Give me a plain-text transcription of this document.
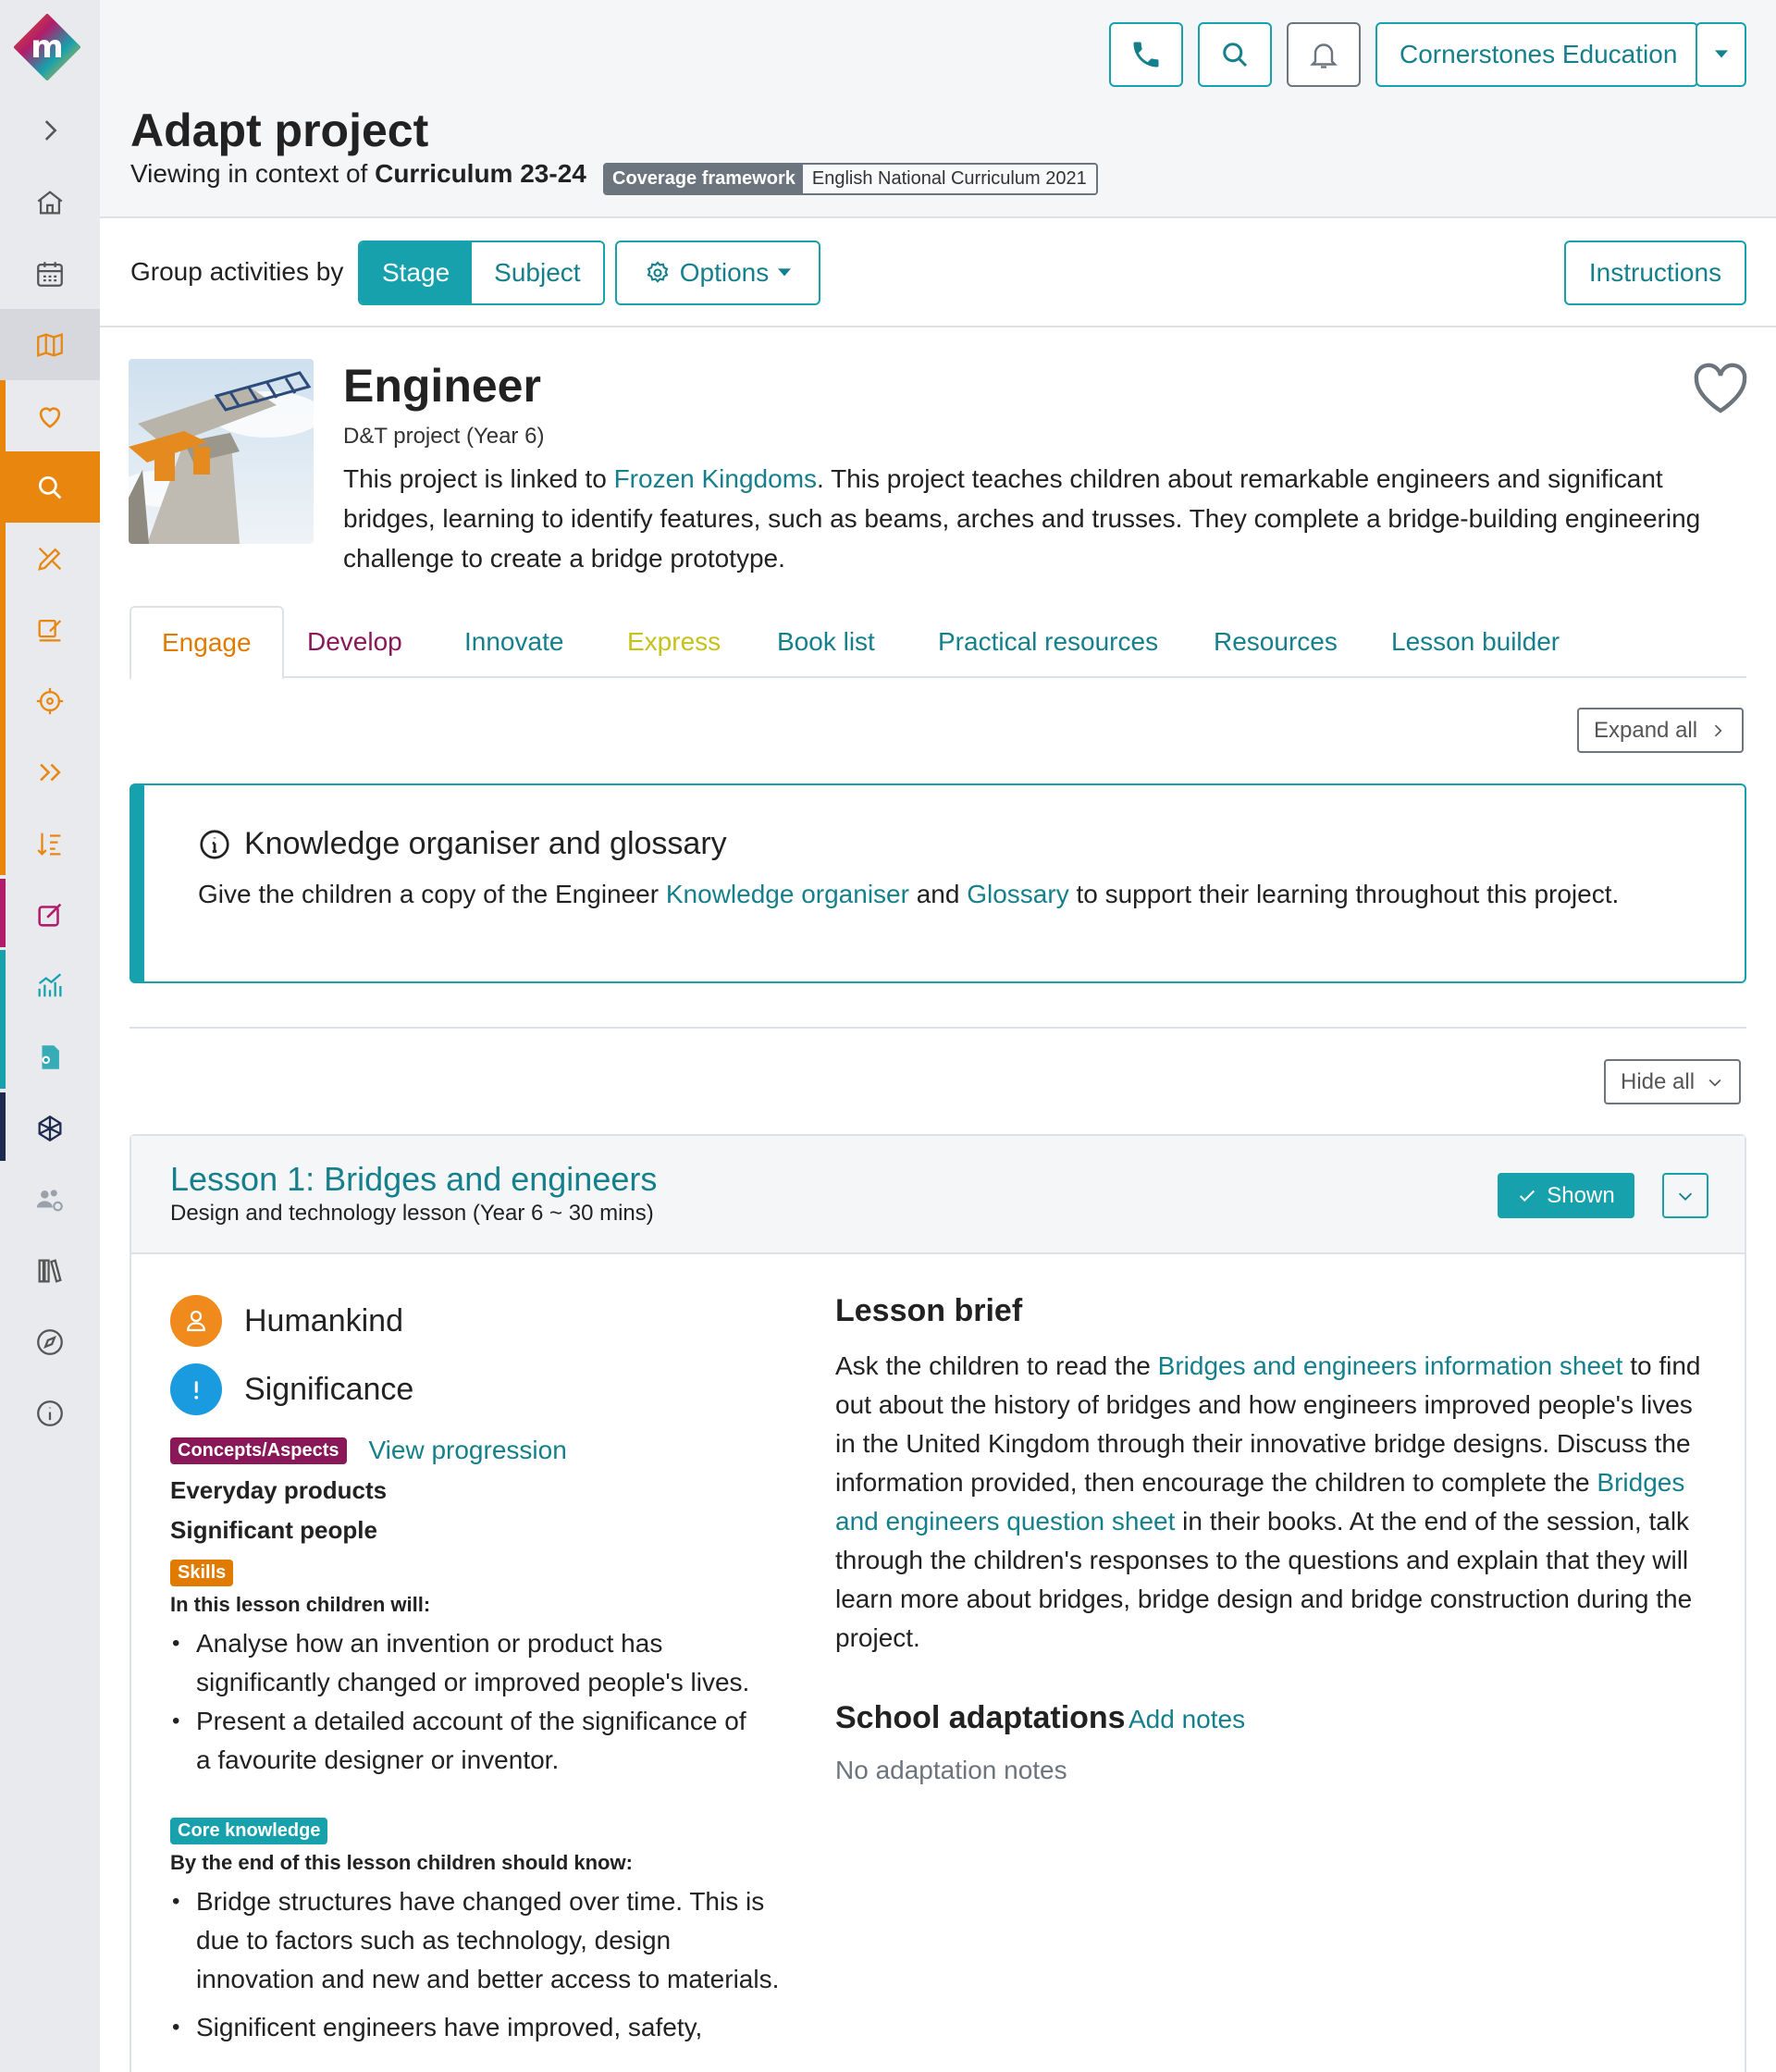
m	Cornerstones Education
Adapt project
Viewing in context of Curriculum 23-24	Coverage framework English National Curriculum 2021
Group activities by	Stage	Subject	Options	Instructions
Engineer
D&T project (Year 6)

This project is linked to Frozen Kingdoms. This project teaches children about remarkable engineers and significant bridges, learning to identify features, such as beams, arches and trusses. They complete a bridge-building engineering challenge to create a bridge prototype.

Engage Develop Innovate Express Book list Practical resources Resources Lesson builder
Expand all
Knowledge organiser and glossary
Give the children a copy of the Engineer Knowledge organiser and Glossary to support their learning throughout this project.
Hide all
Lesson 1: Bridges and engineers
Design and technology lesson (Year 6 ~ 30 mins)
Shown
Humankind
Significance
Concepts/Aspects View progression
Everyday products
Significant people
Skills
In this lesson children will:
• Analyse how an invention or product has significantly changed or improved people's lives.
• Present a detailed account of the significance of a favourite designer or inventor.
Core knowledge
By the end of this lesson children should know:
• Bridge structures have changed over time. This is due to factors such as technology, design innovation and new and better access to materials.
• Significent engineers have improved, safety,
Lesson brief

Ask the children to read the Bridges and engineers information sheet to find out about the history of bridges and how engineers improved people's lives in the United Kingdom through their innovative bridge designs. Discuss the information provided, then encourage the children to complete the Bridges and engineers question sheet in their books. At the end of the session, talk through the children's responses to the questions and explain that they will learn more about bridges, bridge design and bridge construction during the project.

School adaptations Add notes
No adaptation notes
